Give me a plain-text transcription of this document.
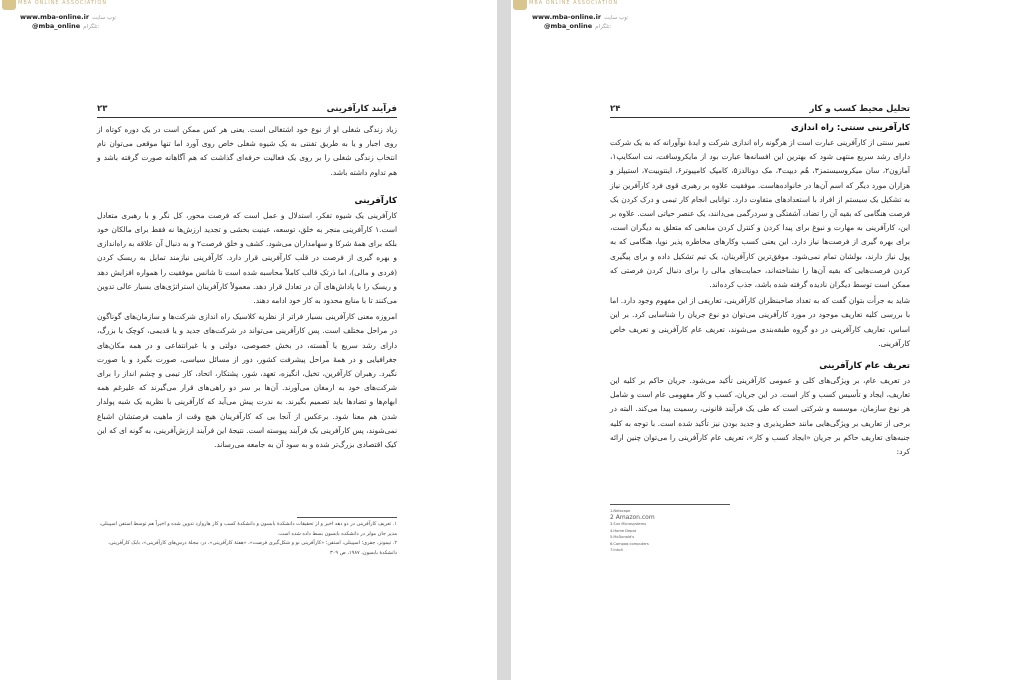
MBA ONLINE ASSOCIATION
www.mba-online.ir وب سایت:
@mba_online تلگرام:
۲۳	فرآیند کارآفرینی

زیاد زندگی شغلی او از نوع خود اشتغالی است. یعنی هر کس ممکن است در یک دوره کوتاه از روی اجبار و یا به طریق تفننی به یک شیوه شغلی خاص روی آورد اما تنها موقعی می‌توان نام انتخاب زندگی شغلی را بر روی یک فعالیت حرفه‌ای گذاشت که هم آگاهانه صورت گرفته باشد و هم تداوم داشته باشد.

کارآفرینی

کارآفرینی یک شیوه تفکر، استدلال و عمل است که فرصت محور، کل نگر و با رهبری متعادل است.۱ کارآفرینی منجر به خلق، توسعه، عینیت بخشی و تجدید ارزش‌ها نه فقط برای مالکان خود بلکه برای همهٔ شرکا و سهامداران می‌شود. کشف و خلق فرصت۲ و به دنبال آن علاقه به راه‌اندازی و بهره گیری از فرصت در قلب کارآفرینی قرار دارد. کارآفرینی نیازمند تمایل به ریسک کردن (فردی و مالی)، اما ذرتک قالب کاملاً محاسبه شده است تا شانس موفقیت را همواره افزایش دهد و ریسک را با پاداش‌های آن در تعادل قرار دهد. معمولاً کارآفرینان استراتژی‌های بسیار عالی تدوین می‌کنند تا با منابع محدود به کار خود ادامه دهند.

امروزه معنی کارآفرینی بسیار فراتر از نظریه کلاسیک راه اندازی شرکت‌ها و سازمان‌های گوناگون در مراحل مختلف است. پس کارآفرینی می‌تواند در شرکت‌های جدید و یا قدیمی، کوچک یا بزرگ، دارای رشد سریع یا آهسته، در بخش خصوصی، دولتی و یا غیرانتفاعی و در همه مکان‌های جغرافیایی و در همهٔ مراحل پیشرفت کشور، دور از مسائل سیاسی، صورت بگیرد و یا صورت نگیرد. رهبران کارآفرین، تخیل، انگیزه، تعهد، شور، پشتکار، اتحاد، کار تیمی و چشم انداز را برای شرکت‌های خود به ارمغان می‌آورند. آن‌ها بر سر دو راهی‌های قرار می‌گیرند که علیرغم همه ابهام‌ها و تضادها باید تصمیم بگیرند. به ندرت پیش می‌آید که کارآفرینی با نظریه یک شبه پولدار شدن هم معنا شود. برعکس از آنجا یی که کارآفرینان هیچ وقت از ماهیت فرصتشان اشباع نمی‌شوند، پس کارآفرینی یک فرآیند پیوسته است. نتیجهٔ این فرآیند ارزش‌آفرینی، به گونه ای که این کیک اقتصادی بزرگ‌تر شده و به سود آن به جامعه می‌رساند.

۱. تعریف کارآفرینی در دو دهه اخیر و از تحقیقات دانشکدهٔ بابسون و دانشکدهٔ کسب و کار هاروارد تدوین شده و اخیراً هم توسط استفن اسپینلی، مدیر جان مولر در دانشکده بابسون بسط داده شده است.
۲. تیمونز، جفری؛ اسپینلی، استفن؛ «کارآفرینی نو و شکل‌گیری فرصت»، «هفتهٔ کارآفرینی»، در: مجلهٔ درس‌های کارآفرینی»، بابک کارآفرینی، دانشکدهٔ بابسون، ۱۹۸۷، ص ۳۰۹
MBA ONLINE ASSOCIATION
www.mba-online.ir وب سایت:
@mba_online تلگرام:
۲۴	تحلیل محیط کسب و کار
کارآفرینی سنتی: راه اندازی

تعبیر سنتی از کارآفرینی عبارت است از هرگونه راه اندازی شرکت و ایدهٔ نوآورانه که به یک شرکت دارای رشد سریع منتهی شود که بهترین این افسانه‌ها عبارت بود از مایکروسافت، نت اسکایپ۱، آمازون۲، سان میکروسیستمز۳، هُم دیپت۴، مک دونالدز۵، کامپک کامپیوتر۶، اینتوییت۷، استیپلز و هزاران مورد دیگر که اسم آن‌ها در خانواده‌هاست. موفقیت علاوه بر رهبری قوی فرد کارآفرین نیاز به تشکیل یک سیستم از افراد با استعدادهای متفاوت دارد. توانایی انجام کار تیمی و درک کردن یک فرصت هنگامی که بقیه آن را تضاد، آشفتگی و سردرگمی می‌دانند، یک عنصر حیاتی است. علاوه بر این، کارآفرینی به مهارت و نبوغ برای پیدا کردن و کنترل کردن منابعی که متعلق به دیگران است، برای بهره گیری از فرصت‌ها نیاز دارد. این یعنی کسب وکارهای مخاطره پذیر نوپا، هنگامی که به پول نیاز دارند، بولشان تمام نمی‌شود. موفق‌ترین کارآفرینان، یک تیم تشکیل داده و برای پیگیری کردن فرصت‌هایی که بقیه آن‌ها را نشناخته‌اند، حمایت‌های مالی را برای دنبال کردن فرصتی که ممکن است توسط دیگران نادیده گرفته شده باشد، جذب کرده‌اند.

شاید به جرأت بتوان گفت که به تعداد صاحبنظران کارآفرینی، تعاریفی از این مفهوم وجود دارد. اما با بررسی کلیه تعاریف موجود در مورد کارآفرینی می‌توان دو نوع جریان را شناسایی کرد. بر این اساس، تعاریف کارآفرینی در دو گروه طبقه‌بندی می‌شوند، تعریف عام کارآفرینی و تعریف خاص کارآفرینی.

تعریف عام کارآفرینی

در تعریف عام، بر ویژگی‌های کلی و عمومی کارآفرینی تأکید می‌شود. جریان حاکم بر کلیه این تعاریف، ایجاد و تأسیس کسب و کار است. در این جریان، کسب و کار مفهومی عام است و شامل هر نوع سازمان، موسسه و شرکتی است که طی یک فرآیند قانونی، رسمیت پیدا می‌کند. البته در برخی از تعاریف بر ویژگی‌هایی مانند خطرپذیری و جدید بودن نیز تأکید شده است. با توجه به کلیه جنبه‌های تعاریف حاکم بر جریان «ایجاد کسب و کار»، تعریف عام کارآفرینی را می‌توان چنین ارائه کرد:

1.Netscape
2 Amazon.com
3.Sun Microsystems
4.Home Depot
5.McDonald's
6.Compaq computers
7.Intuit
